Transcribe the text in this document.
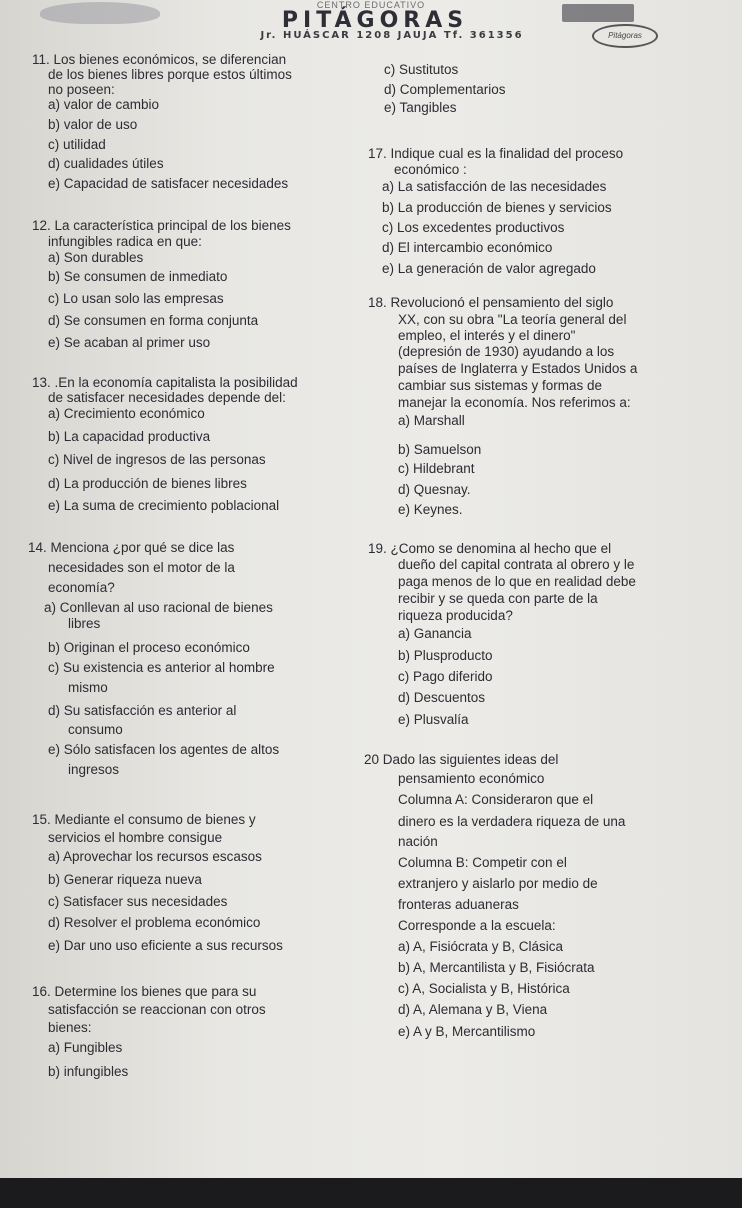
CENTRO EDUCATIVO
PITÁGORAS
Jr. HUÁSCAR 1208 JAUJA Tf. 361356	Pitágoras
11. Los bienes económicos, se diferencian
de los bienes libres porque estos últimos
no poseen:
a) valor de cambio
b) valor de uso
c) utilidad
d) cualidades útiles
e) Capacidad de satisfacer necesidades
12. La característica principal de los bienes
infungibles radica en que:
a) Son durables
b) Se consumen de inmediato
c) Lo usan solo las empresas
d) Se consumen en forma conjunta
e) Se acaban al primer uso
13. .En la economía capitalista la posibilidad
de satisfacer necesidades depende del:
a) Crecimiento económico
b) La capacidad productiva
c) Nivel de ingresos de las personas
d) La producción de bienes libres
e) La suma de crecimiento poblacional
14. Menciona ¿por qué se dice las
necesidades son el motor de la
economía?
a) Conllevan al uso racional de bienes
libres
b) Originan el proceso económico
c) Su existencia es anterior al hombre
mismo
d) Su satisfacción es anterior al
consumo
e) Sólo satisfacen los agentes de altos
ingresos
15. Mediante el consumo de bienes y
servicios el hombre consigue
a) Aprovechar los recursos escasos
b) Generar riqueza nueva
c) Satisfacer sus necesidades
d) Resolver el problema económico
e) Dar uno uso eficiente a sus recursos
16. Determine los bienes que para su
satisfacción se reaccionan con otros
bienes:
a) Fungibles
b) infungibles
c) Sustitutos
d) Complementarios
e) Tangibles
17. Indique cual es la finalidad del proceso
económico :
a) La satisfacción de las necesidades
b) La producción de bienes y servicios
c) Los excedentes productivos
d) El intercambio económico
e) La generación de valor agregado
18. Revolucionó el pensamiento del siglo
XX, con su obra "La teoría general del
empleo, el interés y el dinero"
(depresión de 1930) ayudando a los
países de Inglaterra y Estados Unidos a
cambiar sus sistemas y formas de
manejar la economía. Nos referimos a:
a) Marshall
b) Samuelson
c) Hildebrant
d) Quesnay.
e) Keynes.
19. ¿Como se denomina al hecho que el
dueño del capital contrata al obrero y le
paga menos de lo que en realidad debe
recibir y se queda con parte de la
riqueza producida?
a) Ganancia
b) Plusproducto
c) Pago diferido
d) Descuentos
e) Plusvalía
20 Dado las siguientes ideas del
pensamiento económico
Columna A: Consideraron que el
dinero es la verdadera riqueza de una
nación
Columna B: Competir con el
extranjero y aislarlo por medio de
fronteras aduaneras
Corresponde a la escuela:
a) A, Fisiócrata y B, Clásica
b) A, Mercantilista y B, Fisiócrata
c) A, Socialista y B, Histórica
d) A, Alemana y B, Viena
e) A y B, Mercantilismo
